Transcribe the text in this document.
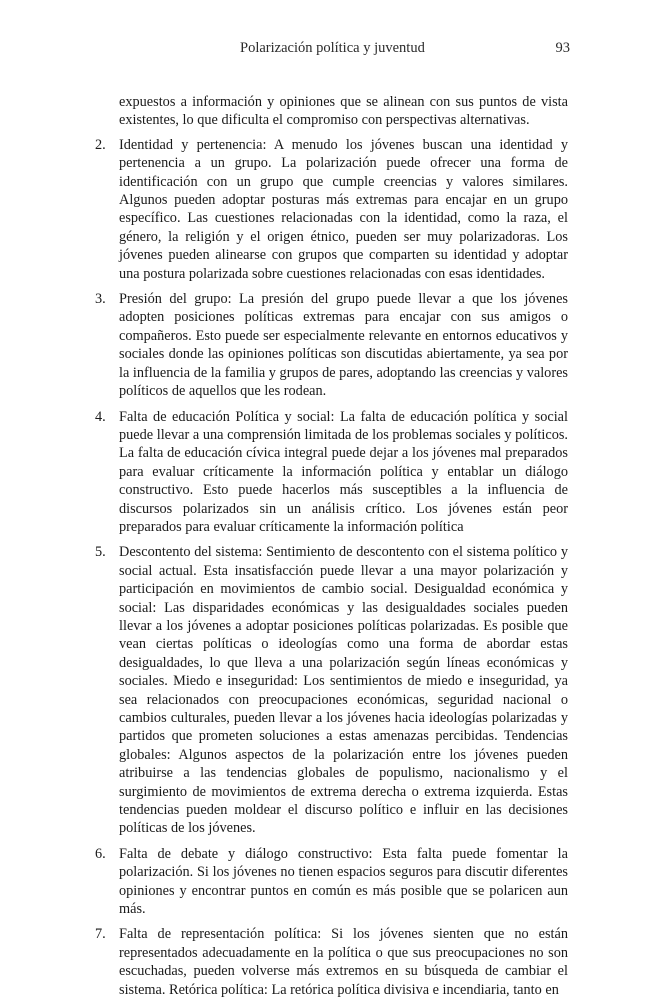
Polarización política y juventud	93

expuestos a información y opiniones que se alinean con sus puntos de vista existentes, lo que dificulta el compromiso con perspectivas alternativas.

2. Identidad y pertenencia: A menudo los jóvenes buscan una identidad y pertenencia a un grupo. La polarización puede ofrecer una forma de identificación con un grupo que cumple creencias y valores similares. Algunos pueden adoptar posturas más extremas para encajar en un grupo específico. Las cuestiones relacionadas con la identidad, como la raza, el género, la religión y el origen étnico, pueden ser muy polarizadoras. Los jóvenes pueden alinearse con grupos que comparten su identidad y adoptar una postura polarizada sobre cuestiones relacionadas con esas identidades.
3. Presión del grupo: La presión del grupo puede llevar a que los jóvenes adopten posiciones políticas extremas para encajar con sus amigos o compañeros. Esto puede ser especialmente relevante en entornos educativos y sociales donde las opiniones políticas son discutidas abiertamente, ya sea por la influencia de la familia y grupos de pares, adoptando las creencias y valores políticos de aquellos que les rodean.
4. Falta de educación Política y social: La falta de educación política y social puede llevar a una comprensión limitada de los problemas sociales y políticos. La falta de educación cívica integral puede dejar a los jóvenes mal preparados para evaluar críticamente la información política y entablar un diálogo constructivo. Esto puede hacerlos más susceptibles a la influencia de discursos polarizados sin un análisis crítico. Los jóvenes están peor preparados para evaluar críticamente la información política
5. Descontento del sistema: Sentimiento de descontento con el sistema político y social actual. Esta insatisfacción puede llevar a una mayor polarización y participación en movimientos de cambio social. Desigualdad económica y social: Las disparidades económicas y las desigualdades sociales pueden llevar a los jóvenes a adoptar posiciones políticas polarizadas. Es posible que vean ciertas políticas o ideologías como una forma de abordar estas desigualdades, lo que lleva a una polarización según líneas económicas y sociales. Miedo e inseguridad: Los sentimientos de miedo e inseguridad, ya sea relacionados con preocupaciones económicas, seguridad nacional o cambios culturales, pueden llevar a los jóvenes hacia ideologías polarizadas y partidos que prometen soluciones a estas amenazas percibidas. Tendencias globales: Algunos aspectos de la polarización entre los jóvenes pueden atribuirse a las tendencias globales de populismo, nacionalismo y el surgimiento de movimientos de extrema derecha o extrema izquierda. Estas tendencias pueden moldear el discurso político e influir en las decisiones políticas de los jóvenes.
6. Falta de debate y diálogo constructivo: Esta falta puede fomentar la polarización. Si los jóvenes no tienen espacios seguros para discutir diferentes opiniones y encontrar puntos en común es más posible que se polaricen aun más.
7. Falta de representación política: Si los jóvenes sienten que no están representados adecuadamente en la política o que sus preocupaciones no son escuchadas, pueden volverse más extremos en su búsqueda de cambiar el sistema. Retórica política: La retórica política divisiva e incendiaria, tanto en
